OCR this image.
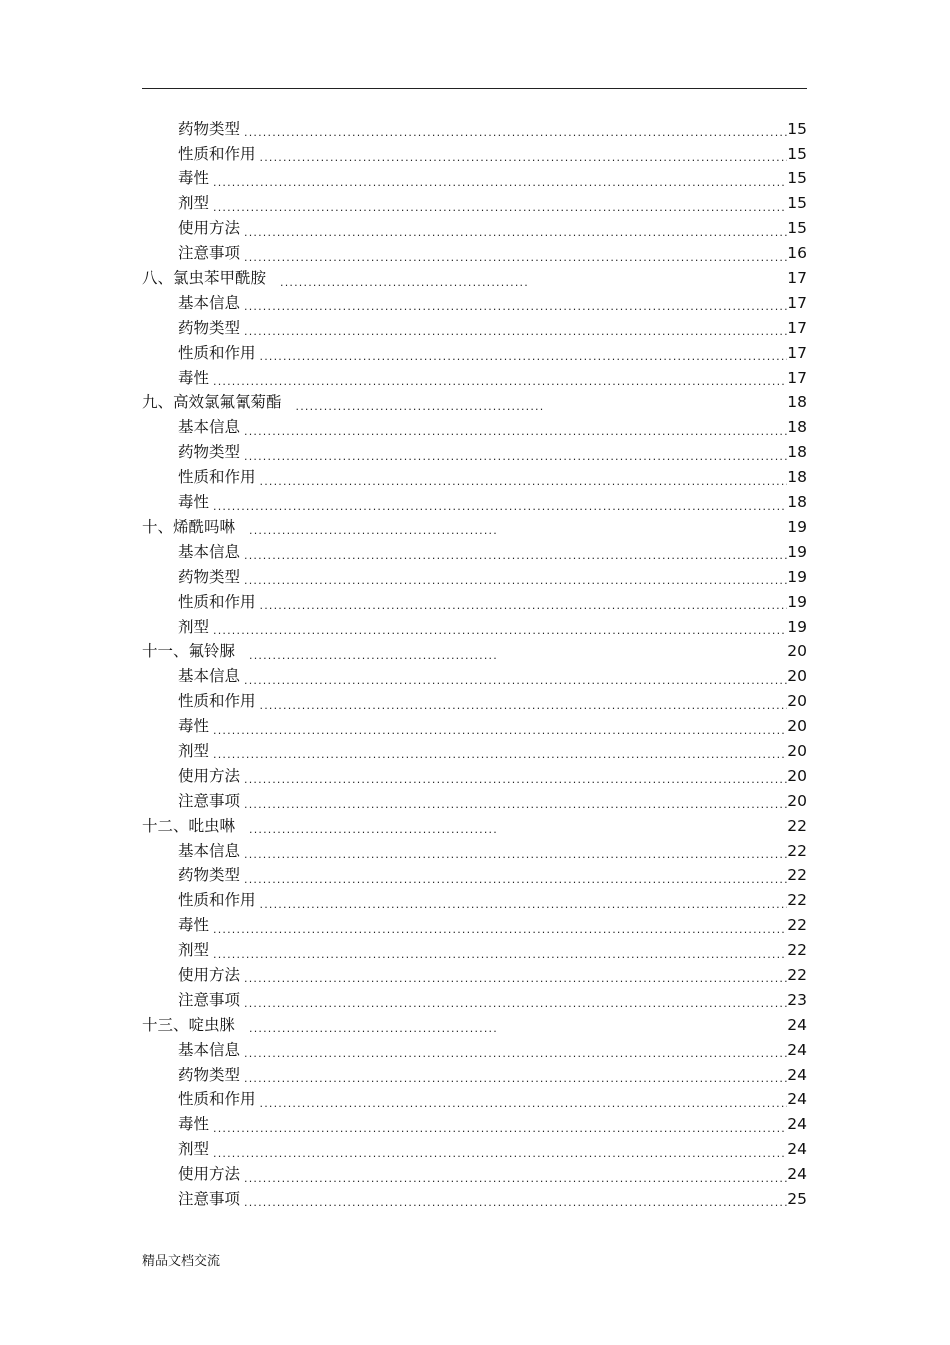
药物类型 .....	15
性质和作用 .....	15
毒性 .....	15
剂型 .....	15
使用方法 .....	15
注意事项 .....	16
八、氯虫苯甲酰胺 .....	17
基本信息 .....	17
药物类型 .....	17
性质和作用 .....	17
毒性 .....	17
九、高效氯氟氰菊酯 .....	18
基本信息 .....	18
药物类型 .....	18
性质和作用 .....	18
毒性 .....	18
十、烯酰吗啉 .....	19
基本信息 .....	19
药物类型 .....	19
性质和作用 .....	19
剂型 .....	19
十一、氟铃脲 .....	20
基本信息 .....	20
性质和作用 .....	20
毒性 .....	20
剂型 .....	20
使用方法 .....	20
注意事项 .....	20
十二、吡虫啉 .....	22
基本信息 .....	22
药物类型 .....	22
性质和作用 .....	22
毒性 .....	22
剂型 .....	22
使用方法 .....	22
注意事项 .....	23
十三、啶虫脒 .....	24
基本信息 .....	24
药物类型 .....	24
性质和作用 .....	24
毒性 .....	24
剂型 .....	24
使用方法 .....	24
注意事项 .....	25
精品文档交流
